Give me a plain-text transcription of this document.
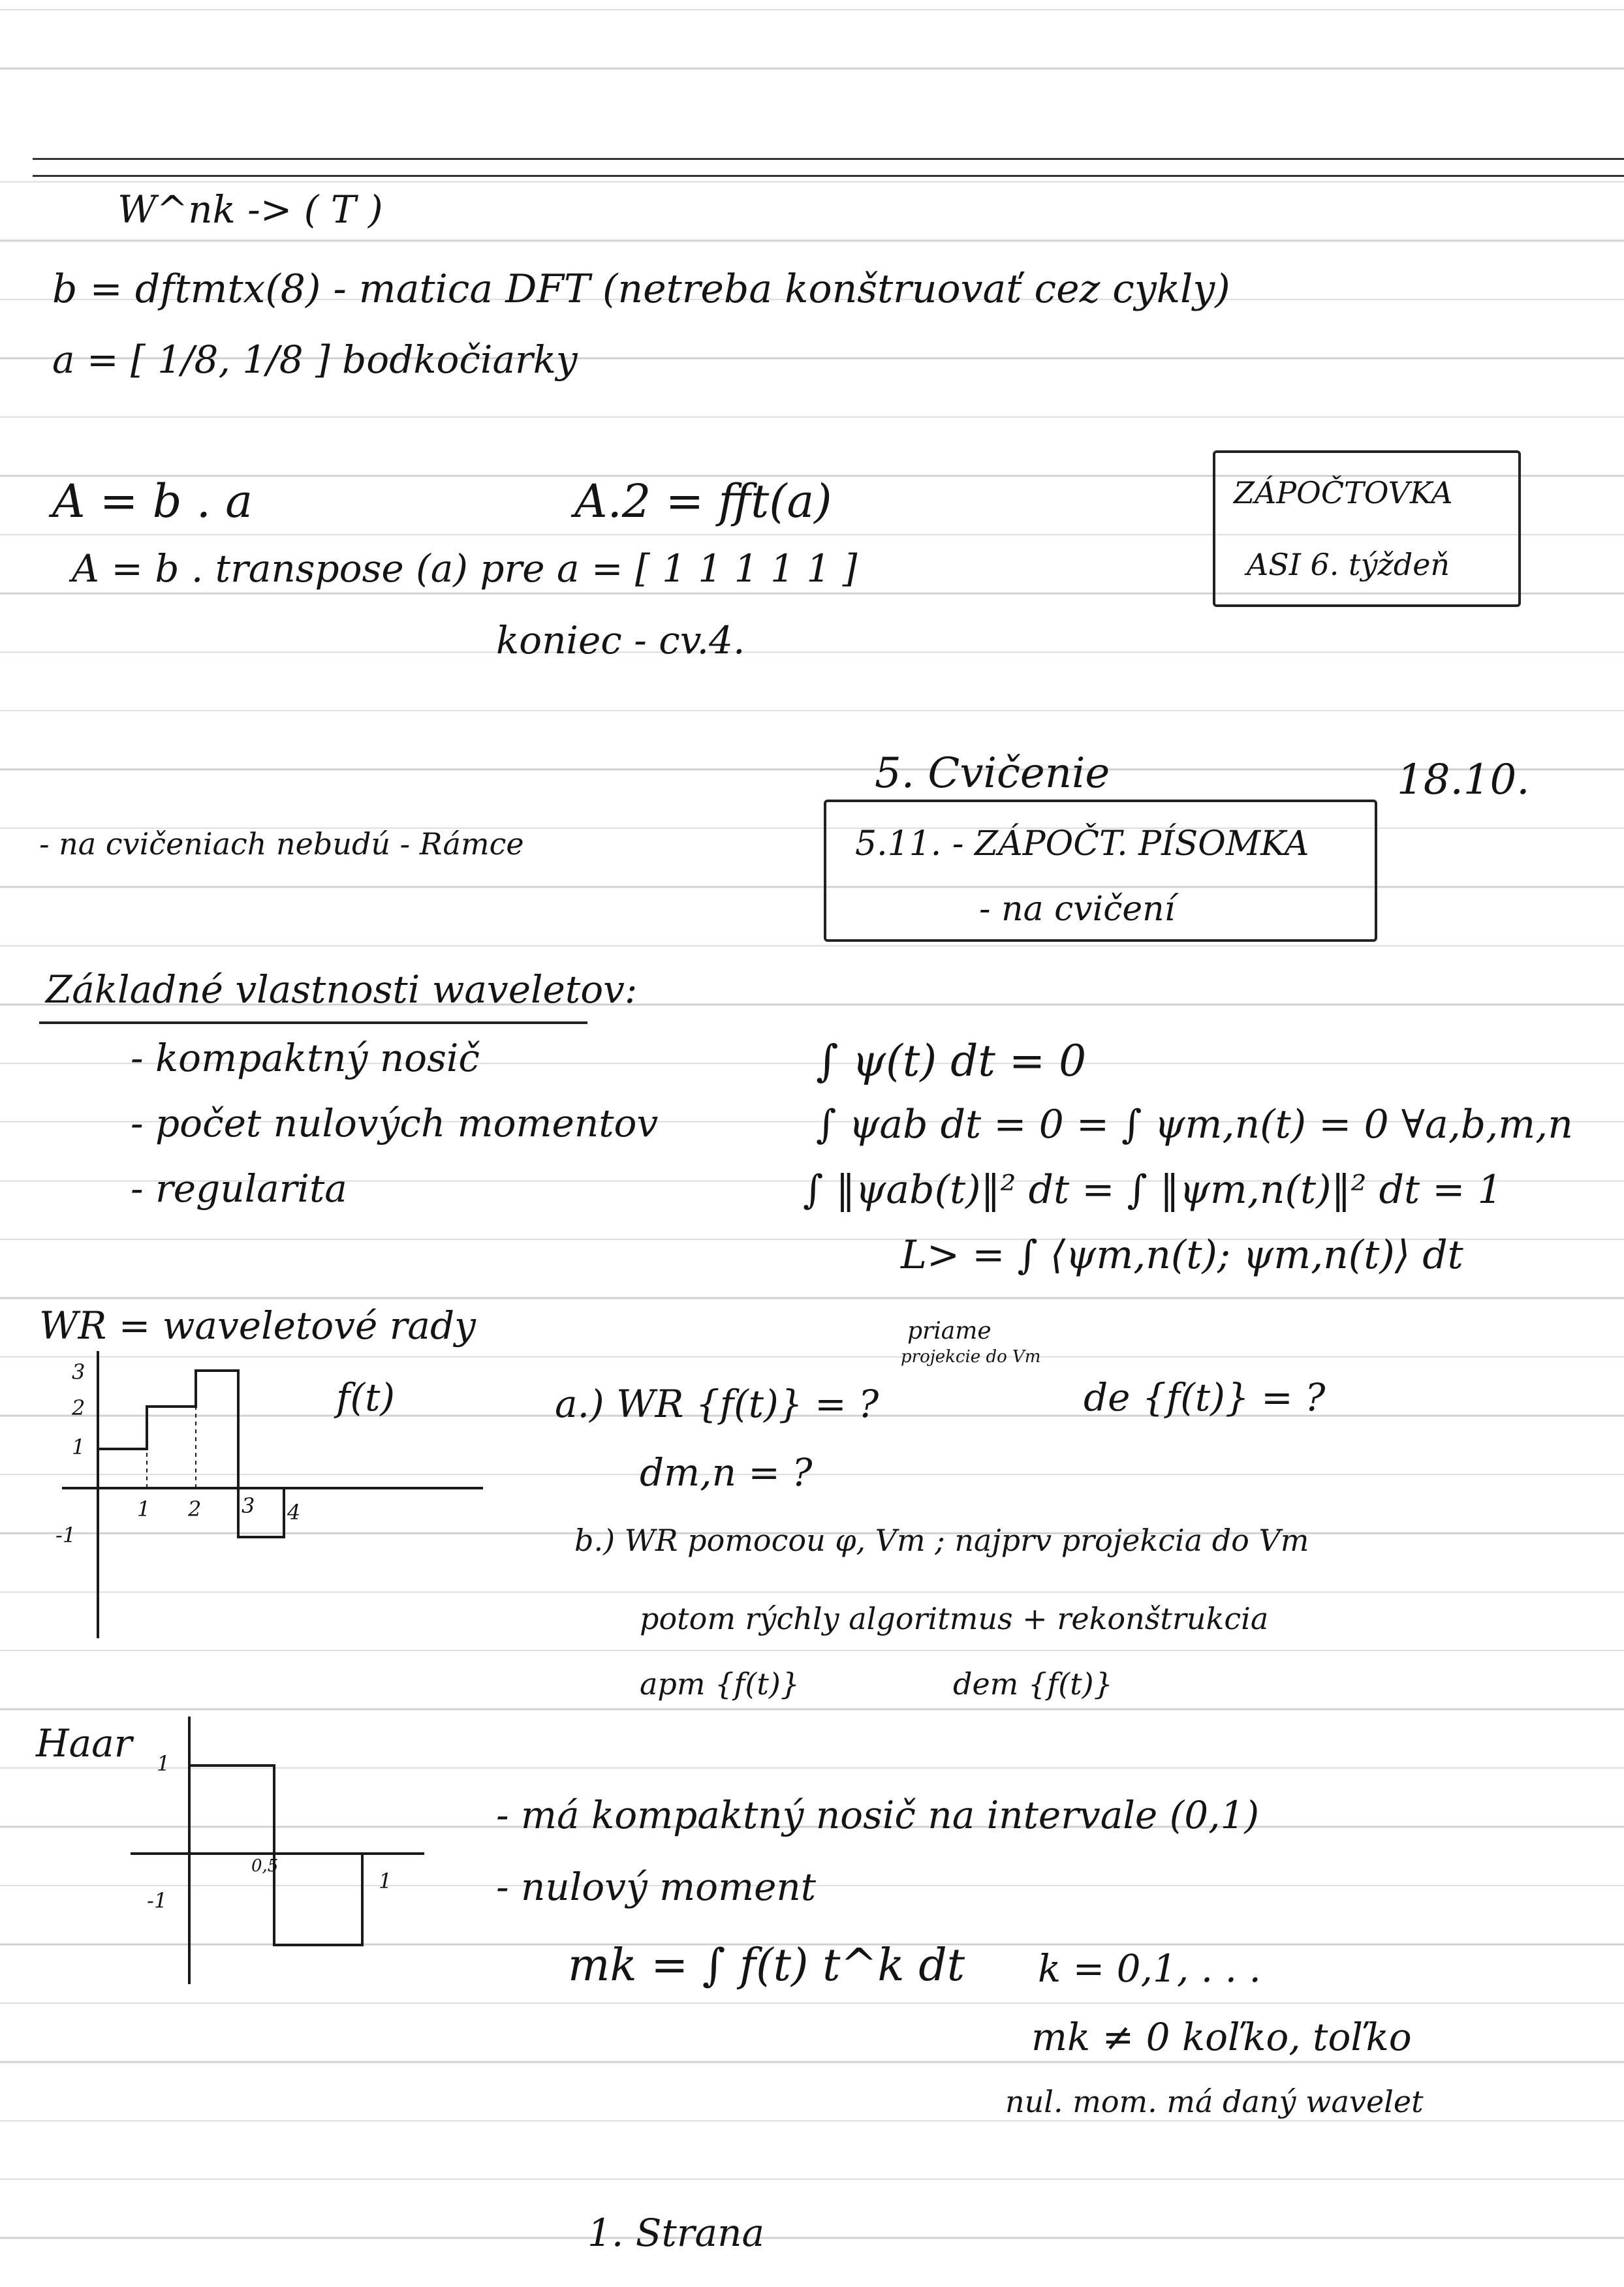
W^nk -> ( T )
b = dftmtx(8) - matica DFT (netreba konštruovať cez cykly)
a = [ 1/8, 1/8 ] bodkočiarky
A = b . a	A.2 = fft(a)
A = b . transpose (a) pre a = [ 1 1 1 1 1 ]
koniec - cv.4.
ZÁPOČTOVKA
ASI 6. týždeň
5. Cvičenie	18.10.
- na cvičeniach nebudú - Rámce	5.11. - ZÁPOČT. PÍSOMKA
- na cvičení
Základné vlastnosti waveletov:
- kompaktný nosič
- počet nulových momentov
- regularita
∫ ψ(t) dt = 0
∫ ψab dt = 0 = ∫ ψm,n(t) = 0 ∀a,b,m,n
∫ ‖ψab(t)‖² dt = ∫ ‖ψm,n(t)‖² dt = 1
L> = ∫ ⟨ψm,n(t); ψm,n(t)⟩ dt
WR = waveletové rady
3
2
1
-1
1 2 3 4
f(t)
priame
projekcie do Vm
a.) WR {f(t)} = ?	de {f(t)} = ?
dm,n = ?
b.) WR pomocou φ, Vm ; najprv projekcia do Vm
potom rýchly algoritmus + rekonštrukcia
apm {f(t)}	dem {f(t)}
Haar 1
-1
0,5
1
- má kompaktný nosič na intervale (0,1)
- nulový moment
mk = ∫ f(t) t^k dt k = 0,1, . . .
mk ≠ 0 koľko, toľko
nul. mom. má daný wavelet
1. Strana
